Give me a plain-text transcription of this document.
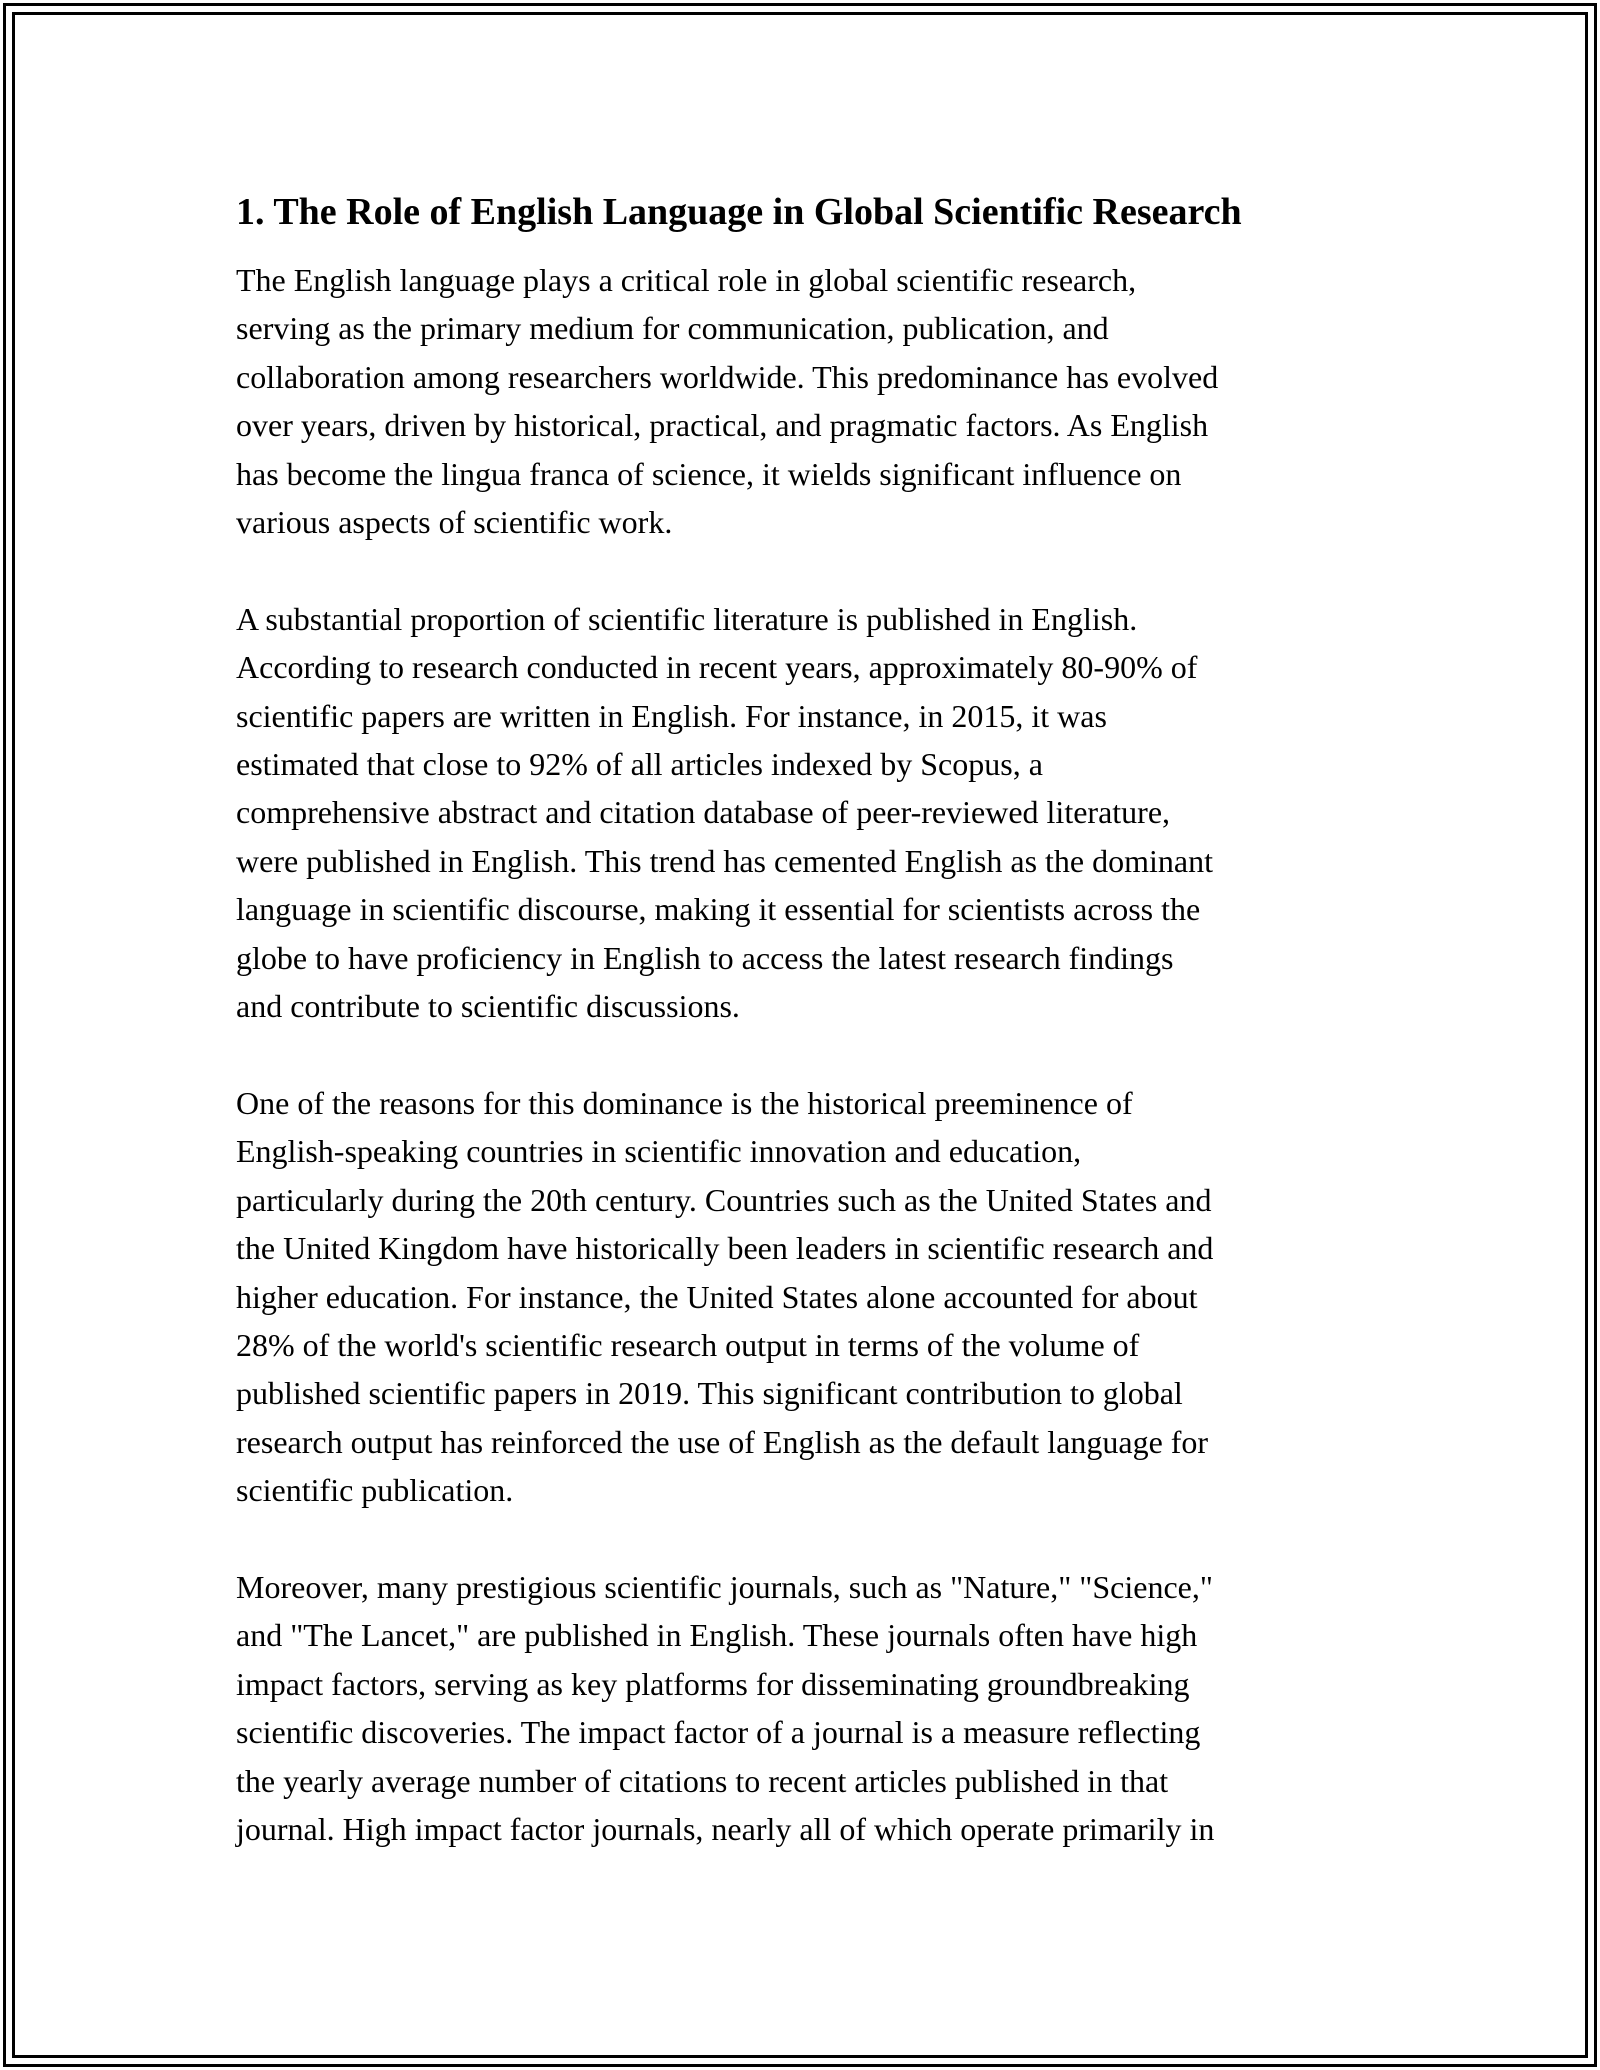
1. The Role of English Language in Global Scientific Research

The English language plays a critical role in global scientific research,
serving as the primary medium for communication, publication, and
collaboration among researchers worldwide. This predominance has evolved
over years, driven by historical, practical, and pragmatic factors. As English
has become the lingua franca of science, it wields significant influence on
various aspects of scientific work.

A substantial proportion of scientific literature is published in English.
According to research conducted in recent years, approximately 80-90% of
scientific papers are written in English. For instance, in 2015, it was
estimated that close to 92% of all articles indexed by Scopus, a
comprehensive abstract and citation database of peer-reviewed literature,
were published in English. This trend has cemented English as the dominant
language in scientific discourse, making it essential for scientists across the
globe to have proficiency in English to access the latest research findings
and contribute to scientific discussions.

One of the reasons for this dominance is the historical preeminence of
English-speaking countries in scientific innovation and education,
particularly during the 20th century. Countries such as the United States and
the United Kingdom have historically been leaders in scientific research and
higher education. For instance, the United States alone accounted for about
28% of the world's scientific research output in terms of the volume of
published scientific papers in 2019. This significant contribution to global
research output has reinforced the use of English as the default language for
scientific publication.

Moreover, many prestigious scientific journals, such as "Nature," "Science,"
and "The Lancet," are published in English. These journals often have high
impact factors, serving as key platforms for disseminating groundbreaking
scientific discoveries. The impact factor of a journal is a measure reflecting
the yearly average number of citations to recent articles published in that
journal. High impact factor journals, nearly all of which operate primarily in
